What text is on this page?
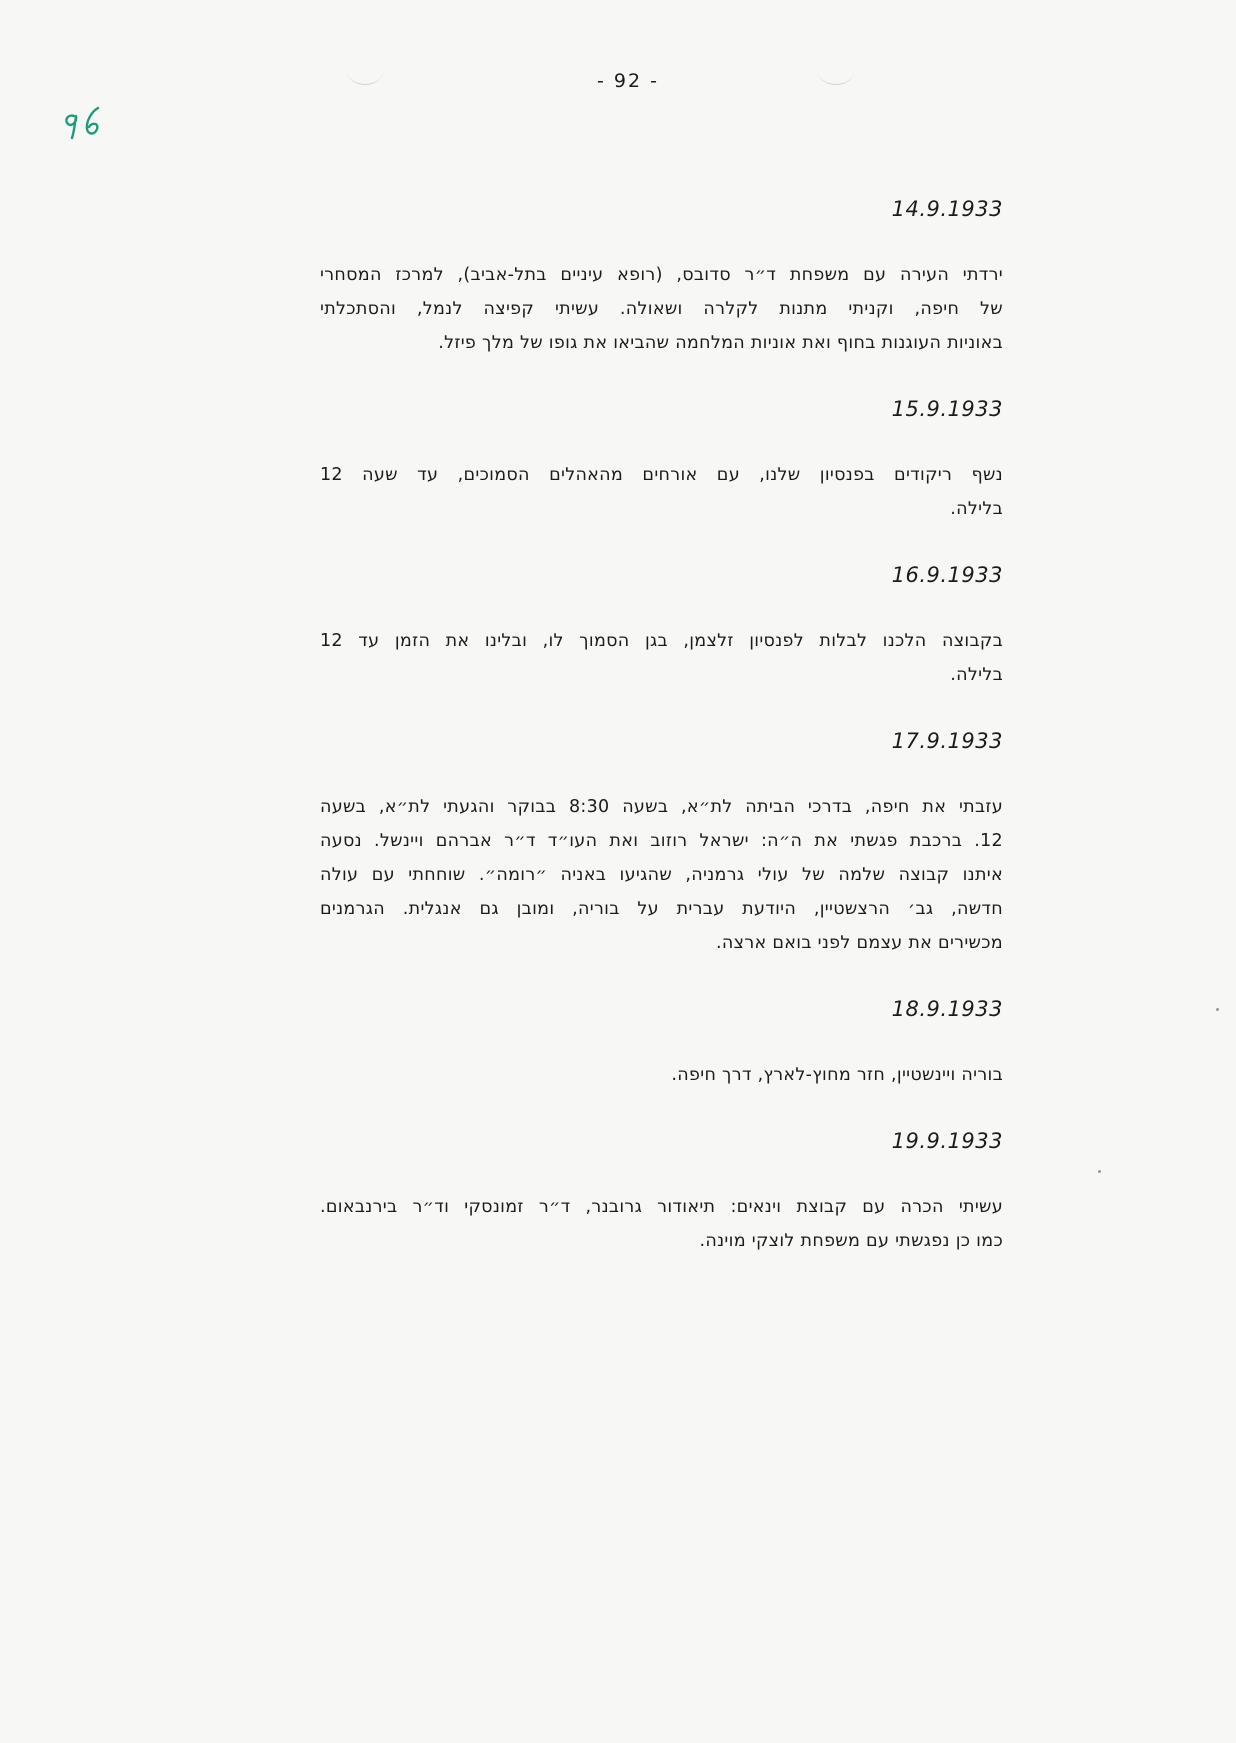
- 92 -
14.9.1933
ירדתי העירה עם משפחת ד״ר סדובס, (רופא עיניים בתל-אביב), למרכז המסחרי
של חיפה, וקניתי מתנות לקלרה ושאולה. עשיתי קפיצה לנמל, והסתכלתי
באוניות העוגנות בחוף ואת אוניות המלחמה שהביאו את גופו של מלך פיזל.
15.9.1933
נשף ריקודים בפנסיון שלנו, עם אורחים מהאהלים הסמוכים, עד שעה 12
בלילה.
16.9.1933
בקבוצה הלכנו לבלות לפנסיון זלצמן, בגן הסמוך לו, ובלינו את הזמן עד 12
בלילה.
17.9.1933
עזבתי את חיפה, בדרכי הביתה לת״א, בשעה 8:30 בבוקר והגעתי לת״א, בשעה
12. ברכבת פגשתי את ה״ה: ישראל רוזוב ואת העו״ד ד״ר אברהם ויינשל. נסעה
איתנו קבוצה שלמה של עולי גרמניה, שהגיעו באניה ״רומה״. שוחחתי עם עולה
חדשה, גב׳ הרצשטיין, היודעת עברית על בוריה, ומובן גם אנגלית. הגרמנים
מכשירים את עצמם לפני בואם ארצה.
18.9.1933
בוריה ויינשטיין, חזר מחוץ-לארץ, דרך חיפה.
19.9.1933
עשיתי הכרה עם קבוצת וינאים: תיאודור גרובנר, ד״ר זמונסקי וד״ר בירנבאום.
כמו כן נפגשתי עם משפחת לוצקי מוינה.
